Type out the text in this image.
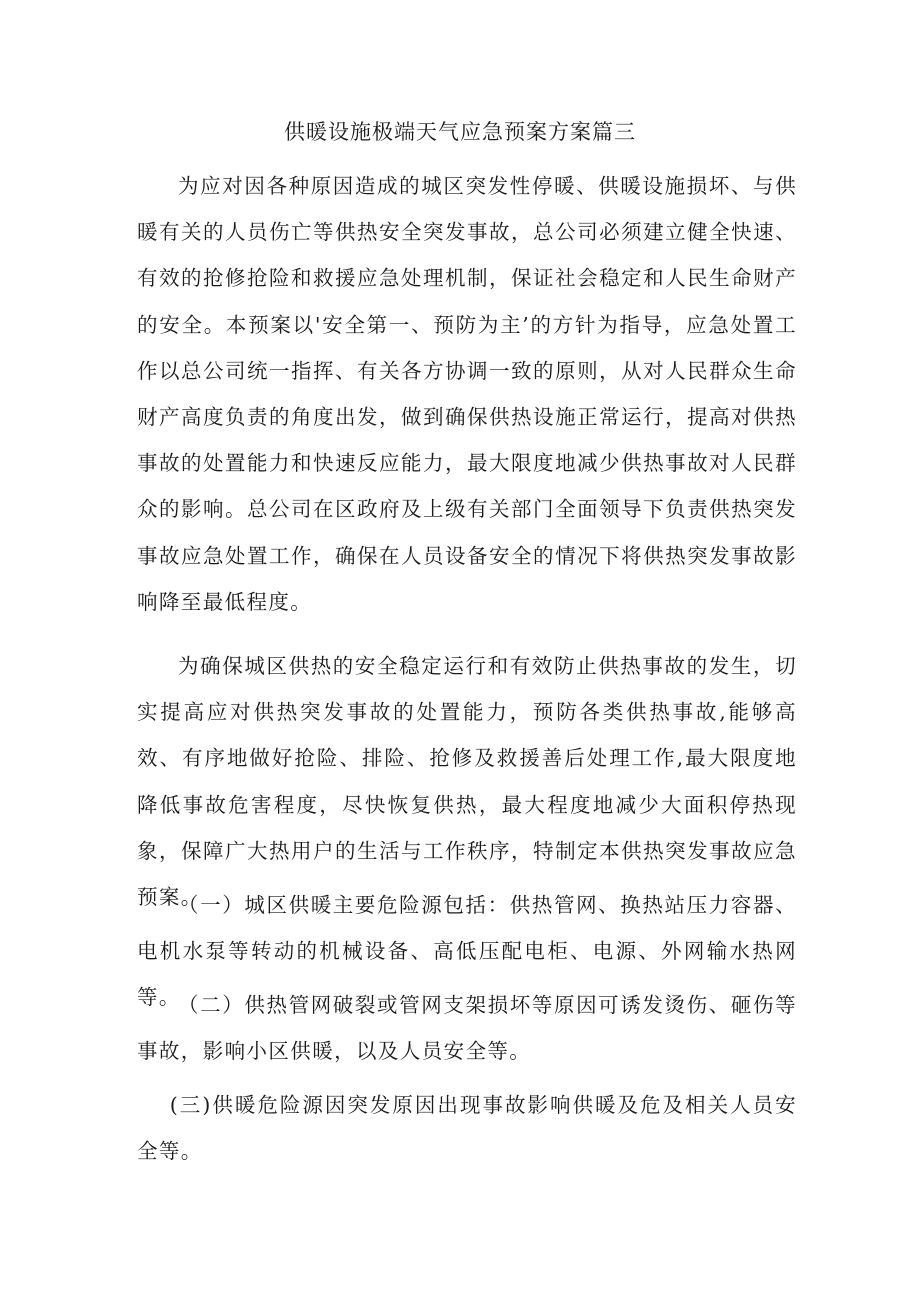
供暖设施极端天气应急预案方案篇三

为应对因各种原因造成的城区突发性停暖、供暖设施损坏、与供暖有关的人员伤亡等供热安全突发事故，总公司必须建立健全快速、有效的抢修抢险和救援应急处理机制，保证社会稳定和人民生命财产的安全。本预案以'安全第一、预防为主’的方针为指导，应急处置工作以总公司统一指挥、有关各方协调一致的原则，从对人民群众生命财产高度负责的角度出发，做到确保供热设施正常运行，提高对供热事故的处置能力和快速反应能力，最大限度地减少供热事故对人民群众的影响。总公司在区政府及上级有关部门全面领导下负责供热突发事故应急处置工作，确保在人员设备安全的情况下将供热突发事故影响降至最低程度。

为确保城区供热的安全稳定运行和有效防止供热事故的发生，切实提高应对供热突发事故的处置能力，预防各类供热事故,能够高效、有序地做好抢险、排险、抢修及救援善后处理工作,最大限度地降低事故危害程度，尽快恢复供热，最大程度地减少大面积停热现象，保障广大热用户的生活与工作秩序，特制定本供热突发事故应急预案。

（一）城区供暖主要危险源包括：供热管网、换热站压力容器、电机水泵等转动的机械设备、高低压配电柜、电源、外网输水热网等。

（二）供热管网破裂或管网支架损坏等原因可诱发烫伤、砸伤等事故，影响小区供暖，以及人员安全等。

(三)供暖危险源因突发原因出现事故影响供暖及危及相关人员安全等。
